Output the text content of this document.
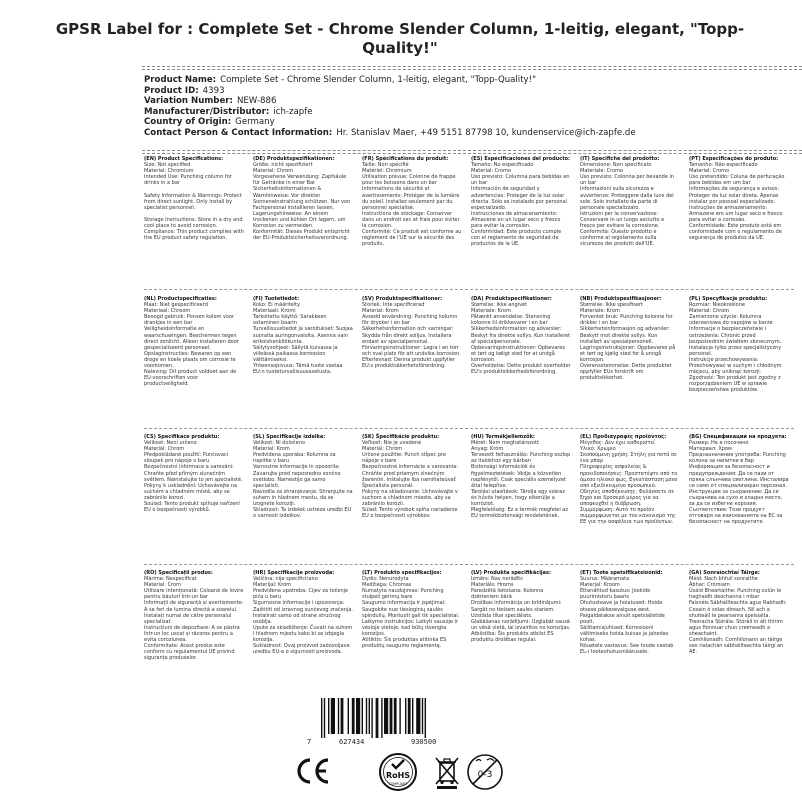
GPSR Label for : Complete Set - Chrome Slender Column, 1-leitig, elegant, "Topp-Quality!"
Product Name: Complete Set - Chrome Slender Column, 1-leitig, elegant, "Topp-Quality!"
Product ID: 4393
Variation Number: NEW-886
Manufacturer/Distributor: ich-zapfe
Country of Origin: Germany
Contact Person & Contact Information: Hr. Stanislav Maer, +49 5151 87798 10, kundenservice@ich-zapfe.de
(EN) Product Specifications:
Size: Not specified
Material: Chromium
Intended Use: Punching column for drinks in a bar

Safety Information & Warnings: Protect from direct sunlight. Only install by specialist personnel.

Storage Instructions: Store in a dry and cool place to avoid corrosion.
Compliance: This product complies with the EU product safety regulation.
(DE) Produktspezifikationen:
Größe: nicht spezifiziert
Material: Chrom
Vorgesehene Verwendung: Zapfsäule für Getränke in einer Bar
Sicherheitsinformationen & Warnhinweise: Vor direkter Sonneneinstrahlung schützen. Nur von Fachpersonal installieren lassen.
Lagerungshinweise: An einem trockenen und kühlen Ort lagern, um Korrosion zu vermeiden.
Konformität: Dieses Produkt entspricht der EU-Produktsicherheitsverordnung.
(FR) Spécifications du produit:
Taille: Non spécifié
Matériel: Chromium
Utilisation prévue: Colonne de frappe pour les boissons dans un bar
Informations de sécurité et avertissements: Protéger de la lumière du soleil. Installez seulement par du personnel spécialisé.
Instructions de stockage: Conserver dans un endroit sec et frais pour éviter la corrosion.
Conformité: Ce produit est conforme au règlement de l'UE sur la sécurité des produits.
(ES) Especificaciones del producto:
Tamaño: No especificado
Material: Cromo
Uso previsto: Columna para bebidas en un bar
Información de seguridad y advertencias: Proteger de la luz solar directa. Sólo se instalado por personal especializado.
Instrucciones de almacenamiento: Almacene en un lugar seco y fresco para evitar la corrosión.
Conformidad: Este producto cumple con el reglamento de seguridad de productos de la UE.
(IT) Specifiche del prodotto:
Dimensione: Non specificato
Materiale: Cromo
Uso previsto: Colonna per bevande in un bar
Informazioni sulla sicurezza e avvertenze: Proteggere dalla luce del sole. Solo installato da parte di personale specializzato.
Istruzioni per la conservazione: Conservare in un luogo asciutto e fresco per evitare la corrosione.
Conformità: Questo prodotto è conforme al regolamento sulla sicurezza dei prodotti dell'UE.
(PT) Especificações do produto:
Tamanho: Não especificado
Material: Cromo
Uso pretendido: Coluna de perfuração para bebidas em um bar
Informações de segurança e avisos: Proteger da luz solar direta. Apenas instalar por pessoal especializado.
Instruções de armazenamento: Armazene em um lugar seco e fresco para evitar a corrosão.
Conformidade: Este produto está em conformidade com o regulamento de segurança de produtos da UE.
(NL) Productspecificaties:
Maat: Niet gespecificeerd
Materiaal: Chroom
Beoogd gebruik: Ponsen kolom voor drankjes in een bar
Veiligheidsinformatie en waarschuwingen: Beschermen tegen direct zonlicht. Alleen installeren door gespecialiseerd personeel.
Opslaginstructies: Bewaren op een droge en koele plaats om corrosie te voorkomen.
Naleving: Dit product voldoet aan de EU-voorschriften voor productveiligheid.
(FI) Tuotetiedot:
Koko: Ei määritelty
Materiaali: Kromi
Tarkoitettu käyttö: Sarakkeen ostaminen baarin
Turvallisuustiedot ja varoitukset: Suojaa suoralta auringonvalolta. Asenna vain erikoishenkilökunta.
Säilytysohjeet: Säilytä kuivassa ja viileässä paikassa korroosion välttämiseksi.
Yhteensopivuus: Tämä tuote vastaa EU:n tuoteturvallisuusasetusta.
(SV) Produktspecifikationer:
Storlek: Inte specificerad
Material: Krom
Avsedd användning: Punching kolumn för drycker i en bar
Säkerhetsinformation och varningar: Skydda från direkt solljus. Installera endast av specialpersonal.
Förvaringsinstruktioner: Lagra i en torr och sval plats för att undvika korrosion.
Efterlevnad: Denna produkt uppfyller EU:s produktsäkerhetsförordning.
(DA) Produktspecifikationer:
Størrelse: Ikke angivet
Materiale: Krom
Påtænkt anvendelse: Stansning kolonne til drikkevarer i en bar
Sikkerhedsinformation og advarsler: Beskyt fra direkte sollys. Kun installeret af specialpersonale.
Opbevaringsinstruktioner: Opbevares et tørt og køligt sted for at undgå korrosion.
Overholdelse: Dette produkt overholder EU's produktsikkerhedsforordning.
(NB) Produktspesifikasjoner:
Størrelse: Ikke spesifisert
Materiale: Krom
Forventet bruk: Punching kolonne for drikker i en bar
Sikkerhetsinformasjon og advarsler: Beskytt mot direkte sollys. Kun installert av spesialpersonell.
Lagringsinstruksjoner: Oppbevares på et tørt og kjølig sted for å unngå korrosjon.
Overensstemmelse: Dette produktet oppfyller EUs forskrift om produktsikkerhet.
(PL) Specyfikacje produktu:
Rozmiar: Nieokreślone
Materiał: Chrom
Zamierzone użycie: Kolumna uderzeniowa do napojów w barze
Informacje o bezpieczeństwie i ostrzeżenia: Chronić przed bezpośrednim światłem słonecznym. Instalacja tylko przez specjalistyczny personel.
Instrukcje przechowywania: Przechowywać w suchym i chłodnym miejscu, aby uniknąć korozji.
Zgodność: Ten produkt jest zgodny z rozporządzeniem UE w sprawie bezpieczeństwa produktów.
(CS) Specifikace produktu:
Velikost: Není určeno
Materiál: Chrom
Předpokládané použití: Punčovací sloupek pro nápoje v baru
Bezpečnostní informace a varování: Chraňte před přímým slunečním světlem. Nainstalujte to jen specialisté.
Pokyny k uskladnění: Uchovávejte na suchém a chladném místě, aby se zabránilo korozi.
Soulad: Tento produkt splňuje nařízení EU o bezpečnosti výrobků.
(SL) Specifikacije izdelka:
Velikost: Ni določeno
Material: Krom
Predvidena uporaba: Kolumna za napitke v baru
Varnostne informacije in opozorila: Zavarujte pred neposredno sončno svetlobo. Namestijo ga samo specialisti.
Navodila za shranjevanje: Shranjujte na suhem in hladnem mestu, da se izognete koroziji.
Skladnost: Ta izdelek ustreza uredbi EU o varnosti izdelkov.
(SK) Špecifikácie produktu:
Veľkosť: Nie je uvedené
Materiál: Chróm
Určené použitie: Punch stĺpec pre nápoje v bare
Bezpečnostné informácie a varovania: Chráňte pred priamym slnečným žiarením. Inštalujte iba namiňateúvať Špecialista personál.
Pokyny na skladovanie: Uchovávajte v suchom a chladnom mieste, aby sa zabránilo korózii.
Súlad: Tento výrobok spĺňa nariadenie EU o bezpečnosti výrobkov.
(HU) Termékjellemzők:
Méret: Nem meghatározott
Anyag: Króm
Tervezett felhasználás: Punching oszlop az italokhoz egy bárban
Biztonsági információk és figyelmeztetések: Védje a közvetlen napfénytől. Csak speciális személyzet által telepítve.
Tárolási utasítások: Tárolja egy száraz és hűvös helyen, hogy elkerülje a korróziót.
Megfelelőség: Ez a termék megfelel az EU termékbiztonsági rendeletének.
(EL) Προδιαγραφές προϊόντος:
Μέγεθος: Δεν έχει καθοριστεί
Υλικό: Χρώμιο
Σκοπούμενη χρήση: Στήλη για ποτά σε ένα μπαρ
Πληροφορίες ασφαλείας & προειδοποιήσεις: Προστατέψτε από το άμεσο ηλιακό φως. Εγκατάσταση μόνο από εξειδικευμένο προσωπικό.
Οδηγίες αποθήκευσης: Φυλάσσετε σε ξηρό και δροσερό μέρος για να αποφευχθεί η διάβρωση.
Συμμόρφωση: Αυτό το προϊόν συμμορφώνεται με τον κανονισμό της ΕΕ για την ασφάλεια των προϊόντων.
(BG) Спецификации на продукта:
Размер: Не е посочено
Материал: Хром
Предназначение употреба: Punching колона за напитки в бар
Информация за безопасност и предупреждения: Да се пази от пряка слънчева светлина. Инсталира се само от специализиран персонал.
Инструкции за съхранение: Да се съхранява на сухо и хладно място, за да се избегне корозия.
Съответствие: Този продукт отговаря на изискванията на ЕС за безопасност на продуктите.
(RO) Specificații produs:
Mărime: Nespecificat
Material: Crom
Utilizare intenționată: Coloană de lovire pentru băuturi într-un bar
Informații de siguranță și avertismente: A se feri de lumina directă a soarelui. Instalați numai de către personalul specializat.
Instrucțiuni de depozitare: A se păstra într-un loc uscat și răcoros pentru a evita coroziunea.
Conformitate: Acest produs este conform cu regulamentul UE privind siguranța produselor.
(HR) Specifikacije proizvoda:
Veličina: nije specificirano
Materijal: Krom
Predviđena upotreba: Cijev za točenje pića u baru
Sigurnosne informacije i upozorenja: Zaštititi od izravnog sunčevog zračenja. Instalirati samo od strane stručnog osoblja.
Upute za skladištenje: Čuvati na suhom i hladnom mjestu kako bi se izbjegla korozija.
Sukladnost: Ovaj proizvod zadovoljava uredbu EU-a o sigurnosti proizvoda.
(LT) Produkto specifikacijos:
Dydis: Nenurodyta
Medžiaga: Chromas
Numatyta naudojimas: Punching stulpeli gėrimų bare
Saugumo informacija ir įspėjimai: Saugokite nuo tiesioginių saulės spindulių. Montuoti gali tik specialistai.
Laikymo instrukcijos: Laikyti sausoje ir vėsioje vietoje, kad būtų išvengta korozijos.
Atitiktis: Šis produktas atitinka ES produktų saugumo reglamentą.
(LV) Produkta specifikācijas:
Izmērs: Nav norādīts
Materiāls: Hroms
Paredzētā lietošana: Kolonna dzērieniem bārā
Drošības informācija un brīdinājumi: Sargāt no tiešiem saules stariem. Uzstāda tikai speciālists.
Glabāšanas norādījumi: Uzglabāt sausā un vēsā vietā, lai izvairītos no korozijas.
Atbilstība: Šis produkts atbilst ES produktu drošības regulai.
(ET) Toote spetsifikatsioonid:
Suurus: Määramata
Materjal: Kroom
Ettenähtud kasutus: Jookide puurimistoru baaris
Ohutusteave ja hoiatused: Hoida otsese päikesevalguse eest. Paigaldatakse ainult spetsialistide poolt.
Säilitamisjuhised: Korrosiooni vältimiseks hoida kuivas ja jahedas kohas.
Nõuetele vastavus: See toode vastab EL-i tooteohutusmäärusele.
(GA) Sonraíochtaí Táirge:
Méid: Nach bhfuil sonraithe
Ábhar: Crómiam
Úsáid Bheartaithe: Punching colún le haghaidh deochanna i mbar
Faisnéis Sábháilteachta agus Rabhadh: Cosain ó solas díreach. Níl ach a shuiteáil le pearsanra speisialta.
Treoracha Stórála: Stóráil in áit thirim agus fionnuar chun creimeadh a sheachaint.
Comhlíonadh: Comhlíonann an táirge seo rialachán sábháilteachta táirgí an AE.
7	627434	930500
RoHS
COMPLIANT
0-3
